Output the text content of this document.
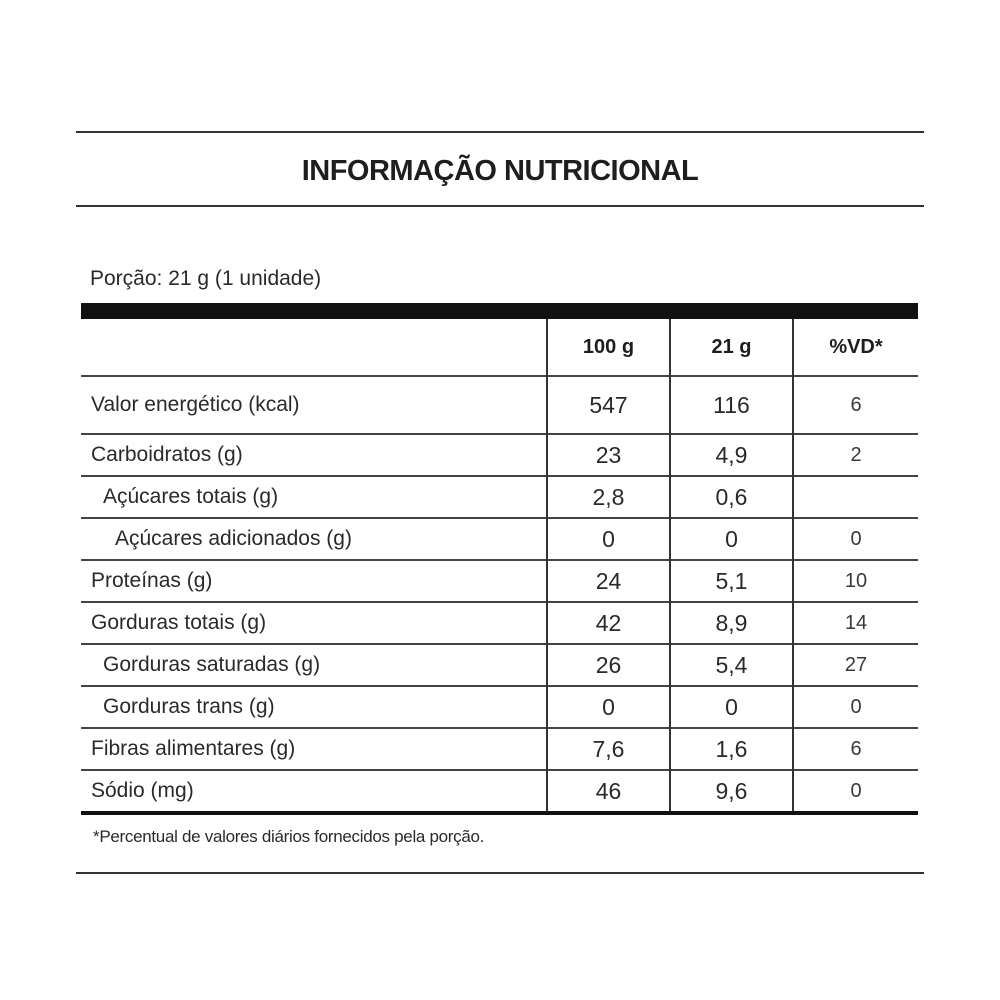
INFORMAÇÃO NUTRICIONAL
Porção: 21 g (1 unidade)
	100 g	21 g	%VD*
Valor energético (kcal)	547	116	6
Carboidratos (g)	23	4,9	2
Açúcares totais (g)	2,8	0,6	
Açúcares adicionados (g)	0	0	0
Proteínas (g)	24	5,1	10
Gorduras totais (g)	42	8,9	14
Gorduras saturadas (g)	26	5,4	27
Gorduras trans (g)	0	0	0
Fibras alimentares (g)	7,6	1,6	6
Sódio (mg)	46	9,6	0
*Percentual de valores diários fornecidos pela porção.
